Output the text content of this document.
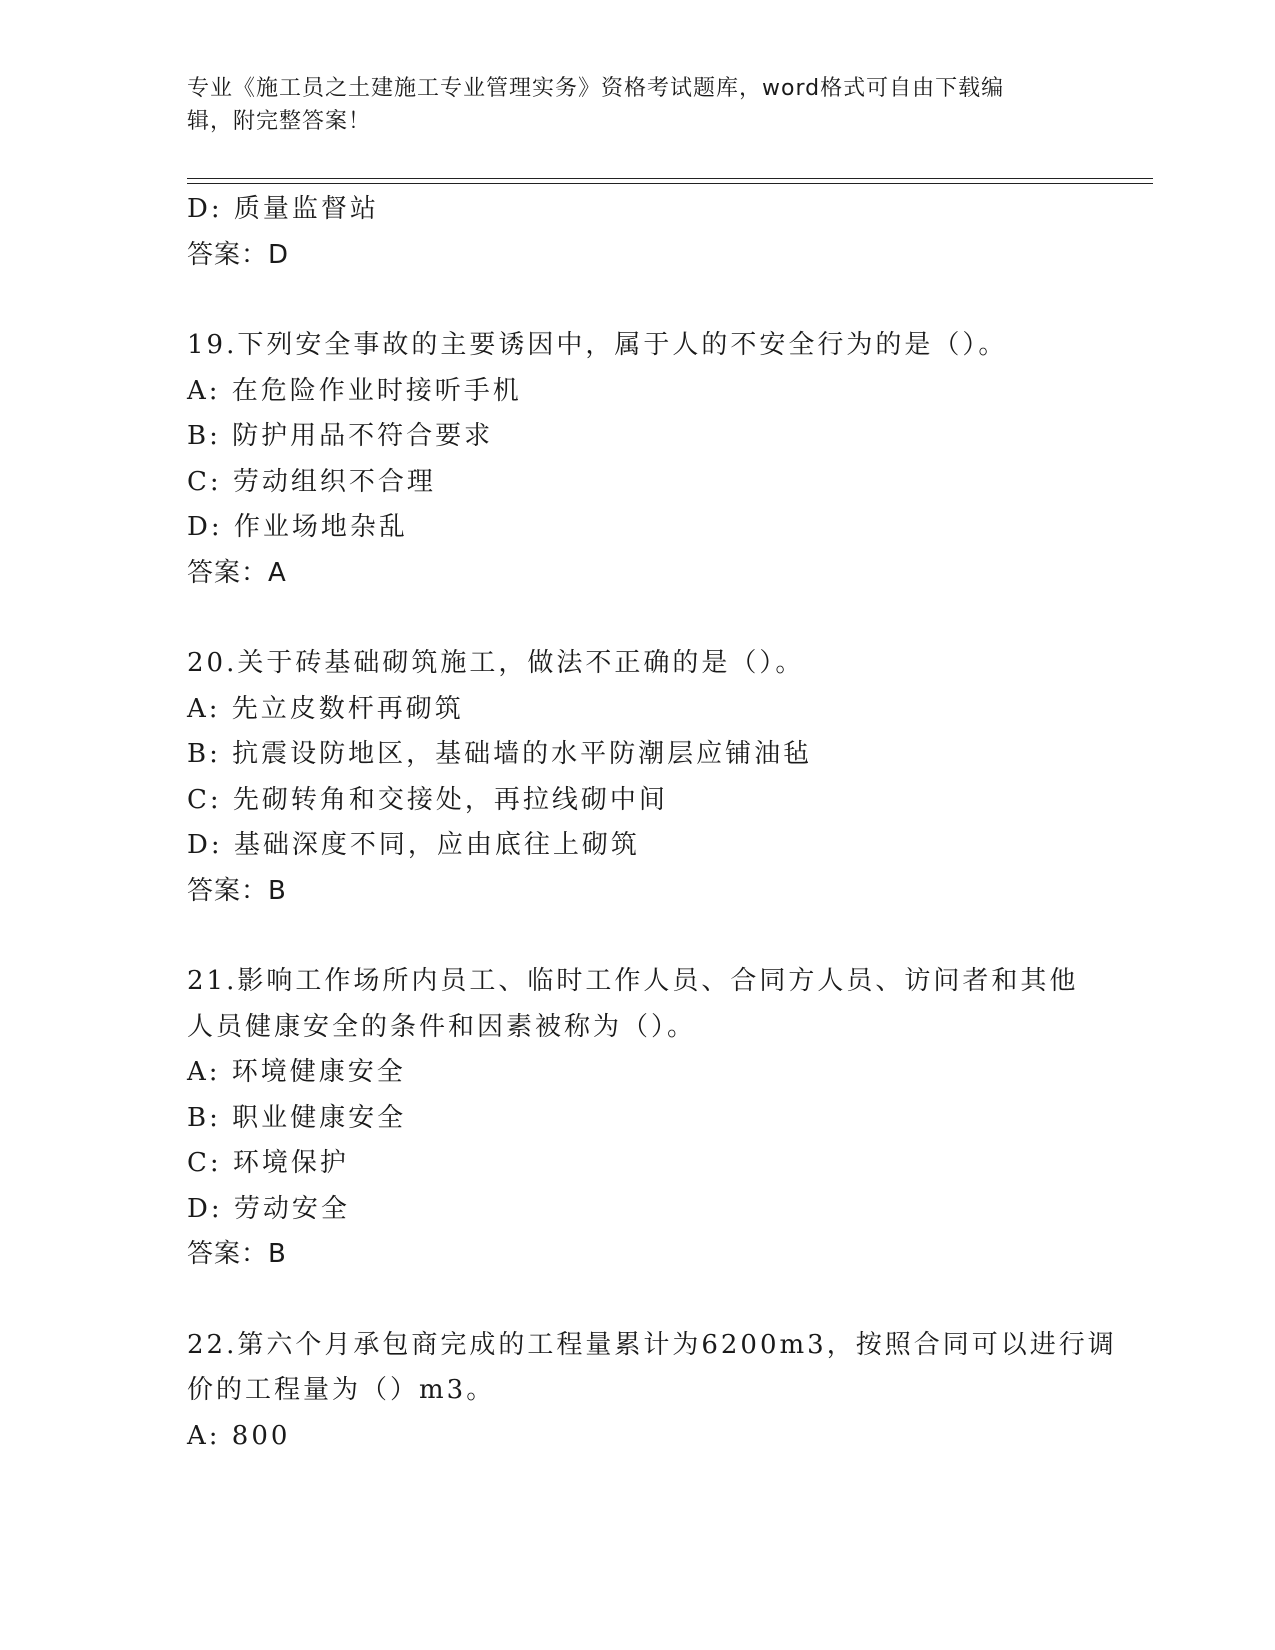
专业《施工员之土建施工专业管理实务》资格考试题库，word格式可自由下载编
辑，附完整答案！
D: 质量监督站
答案：D
19.下列安全事故的主要诱因中，属于人的不安全行为的是（）。
A: 在危险作业时接听手机
B: 防护用品不符合要求
C: 劳动组织不合理
D: 作业场地杂乱
答案：A
20.关于砖基础砌筑施工，做法不正确的是（）。
A: 先立皮数杆再砌筑
B: 抗震设防地区，基础墙的水平防潮层应铺油毡
C: 先砌转角和交接处，再拉线砌中间
D: 基础深度不同，应由底往上砌筑
答案：B
21.影响工作场所内员工、临时工作人员、合同方人员、访问者和其他
人员健康安全的条件和因素被称为（）。
A: 环境健康安全
B: 职业健康安全
C: 环境保护
D: 劳动安全
答案：B
22.第六个月承包商完成的工程量累计为6200m3，按照合同可以进行调
价的工程量为（）m3。
A: 800
